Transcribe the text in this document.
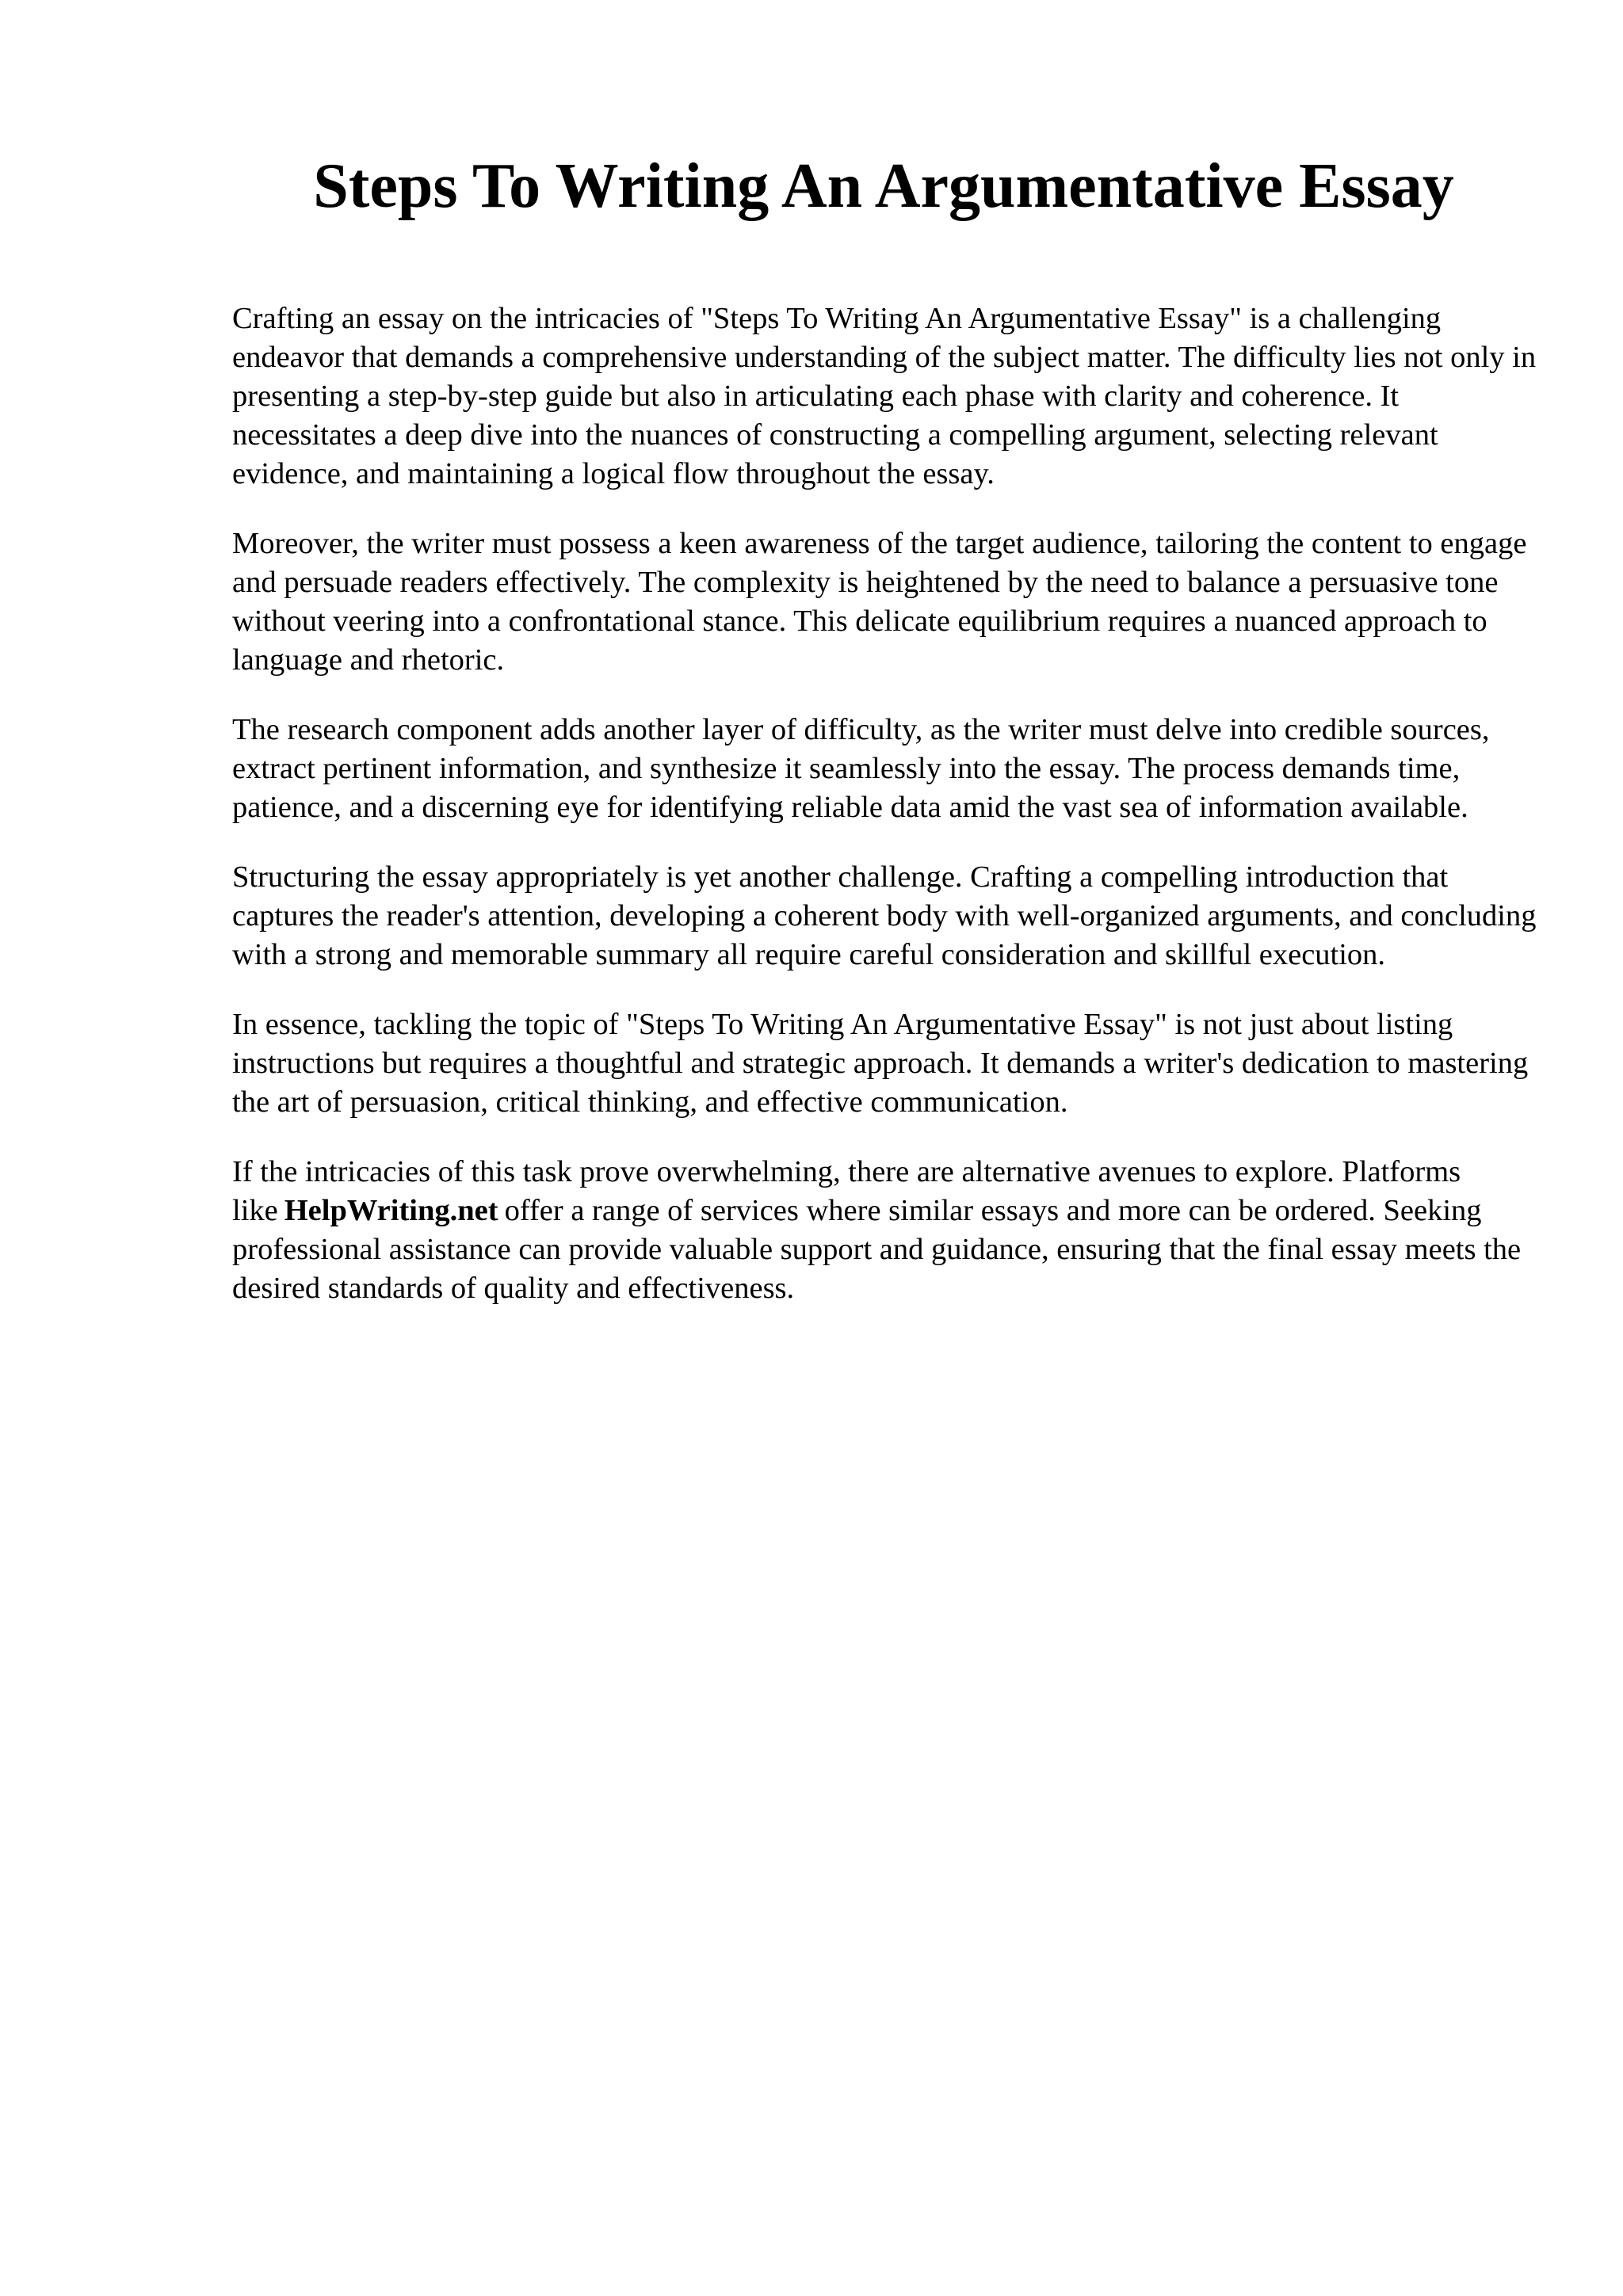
Steps To Writing An Argumentative Essay

Crafting an essay on the intricacies of "Steps To Writing An Argumentative Essay" is a challenging endeavor that demands a comprehensive understanding of the subject matter. The difficulty lies not only in presenting a step-by-step guide but also in articulating each phase with clarity and coherence. It necessitates a deep dive into the nuances of constructing a compelling argument, selecting relevant evidence, and maintaining a logical flow throughout the essay.

Moreover, the writer must possess a keen awareness of the target audience, tailoring the content to engage and persuade readers effectively. The complexity is heightened by the need to balance a persuasive tone without veering into a confrontational stance. This delicate equilibrium requires a nuanced approach to language and rhetoric.

The research component adds another layer of difficulty, as the writer must delve into credible sources, extract pertinent information, and synthesize it seamlessly into the essay. The process demands time, patience, and a discerning eye for identifying reliable data amid the vast sea of information available.

Structuring the essay appropriately is yet another challenge. Crafting a compelling introduction that captures the reader's attention, developing a coherent body with well-organized arguments, and concluding with a strong and memorable summary all require careful consideration and skillful execution.

In essence, tackling the topic of "Steps To Writing An Argumentative Essay" is not just about listing instructions but requires a thoughtful and strategic approach. It demands a writer's dedication to mastering the art of persuasion, critical thinking, and effective communication.

If the intricacies of this task prove overwhelming, there are alternative avenues to explore. Platforms like HelpWriting.net offer a range of services where similar essays and more can be ordered. Seeking professional assistance can provide valuable support and guidance, ensuring that the final essay meets the desired standards of quality and effectiveness.
